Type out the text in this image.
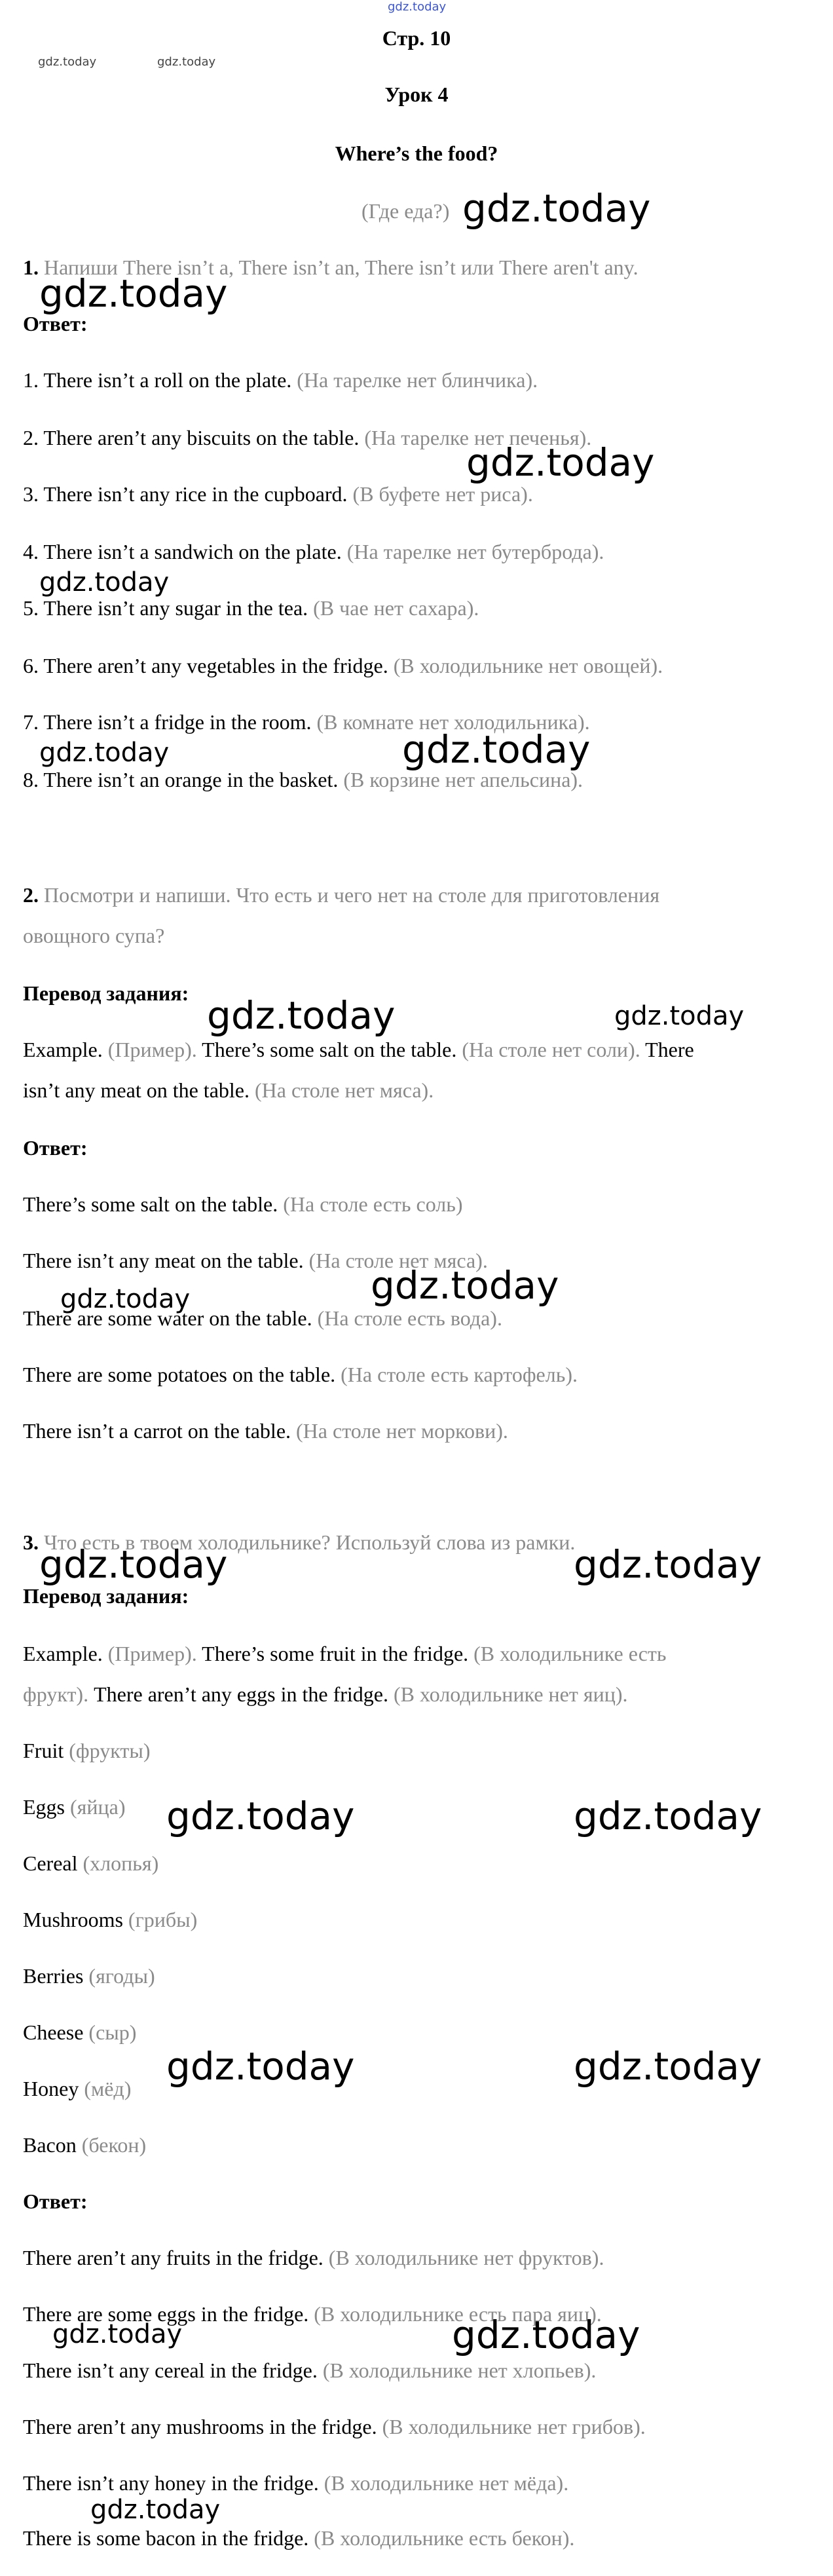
gdz.today
Стр. 10
gdz.today	gdz.today
Урок 4
Where’s the food?
(Где еда?) gdz.today
1. Напиши There isn’t a, There isn’t an, There isn’t или There aren't any.
gdz.today
Ответ:
1. There isn’t a roll on the plate. (На тарелке нет блинчика).
2. There aren’t any biscuits on the table. (На тарелке нет печенья).
gdz.today
3. There isn’t any rice in the cupboard. (В буфете нет риса).
4. There isn’t a sandwich on the plate. (На тарелке нет бутерброда).
gdz.today
5. There isn’t any sugar in the tea. (В чае нет сахара).
6. There aren’t any vegetables in the fridge. (В холодильнике нет овощей).
7. There isn’t a fridge in the room. (В комнате нет холодильника).
gdz.today	gdz.today
8. There isn’t an orange in the basket. (В корзине нет апельсина).
2. Посмотри и напиши. Что есть и чего нет на столе для приготовления
овощного супа?
Перевод задания: gdz.today	gdz.today
Example. (Пример). There’s some salt on the table. (На столе нет соли). There
isn’t any meat on the table. (На столе нет мяса).
Ответ:
There’s some salt on the table. (На столе есть соль)
There isn’t any meat on the table. (На столе нет мяса).
gdz.today
gdz.today
There are some water on the table. (На столе есть вода).
There are some potatoes on the table. (На столе есть картофель).
There isn’t a carrot on the table. (На столе нет моркови).
3. Что есть в твоем холодильнике? Используй слова из рамки.
gdz.today	gdz.today
Перевод задания:
Example. (Пример). There’s some fruit in the fridge. (В холодильнике есть
фрукт). There aren’t any eggs in the fridge. (В холодильнике нет яиц).
Fruit (фрукты)
Eggs (яйца) gdz.today	gdz.today
Cereal (хлопья)
Mushrooms (грибы)
Berries (ягоды)
Cheese (сыр)
gdz.today	gdz.today
Honey (мёд)
Bacon (бекон)
Ответ:
There aren’t any fruits in the fridge. (В холодильнике нет фруктов).
There are some eggs in the fridge. (В холодильнике есть пара яиц).
gdz.today	gdz.today
There isn’t any cereal in the fridge. (В холодильнике нет хлопьев).
There aren’t any mushrooms in the fridge. (В холодильнике нет грибов).
There isn’t any honey in the fridge. (В холодильнике нет мёда).
gdz.today
There is some bacon in the fridge. (В холодильнике есть бекон).
